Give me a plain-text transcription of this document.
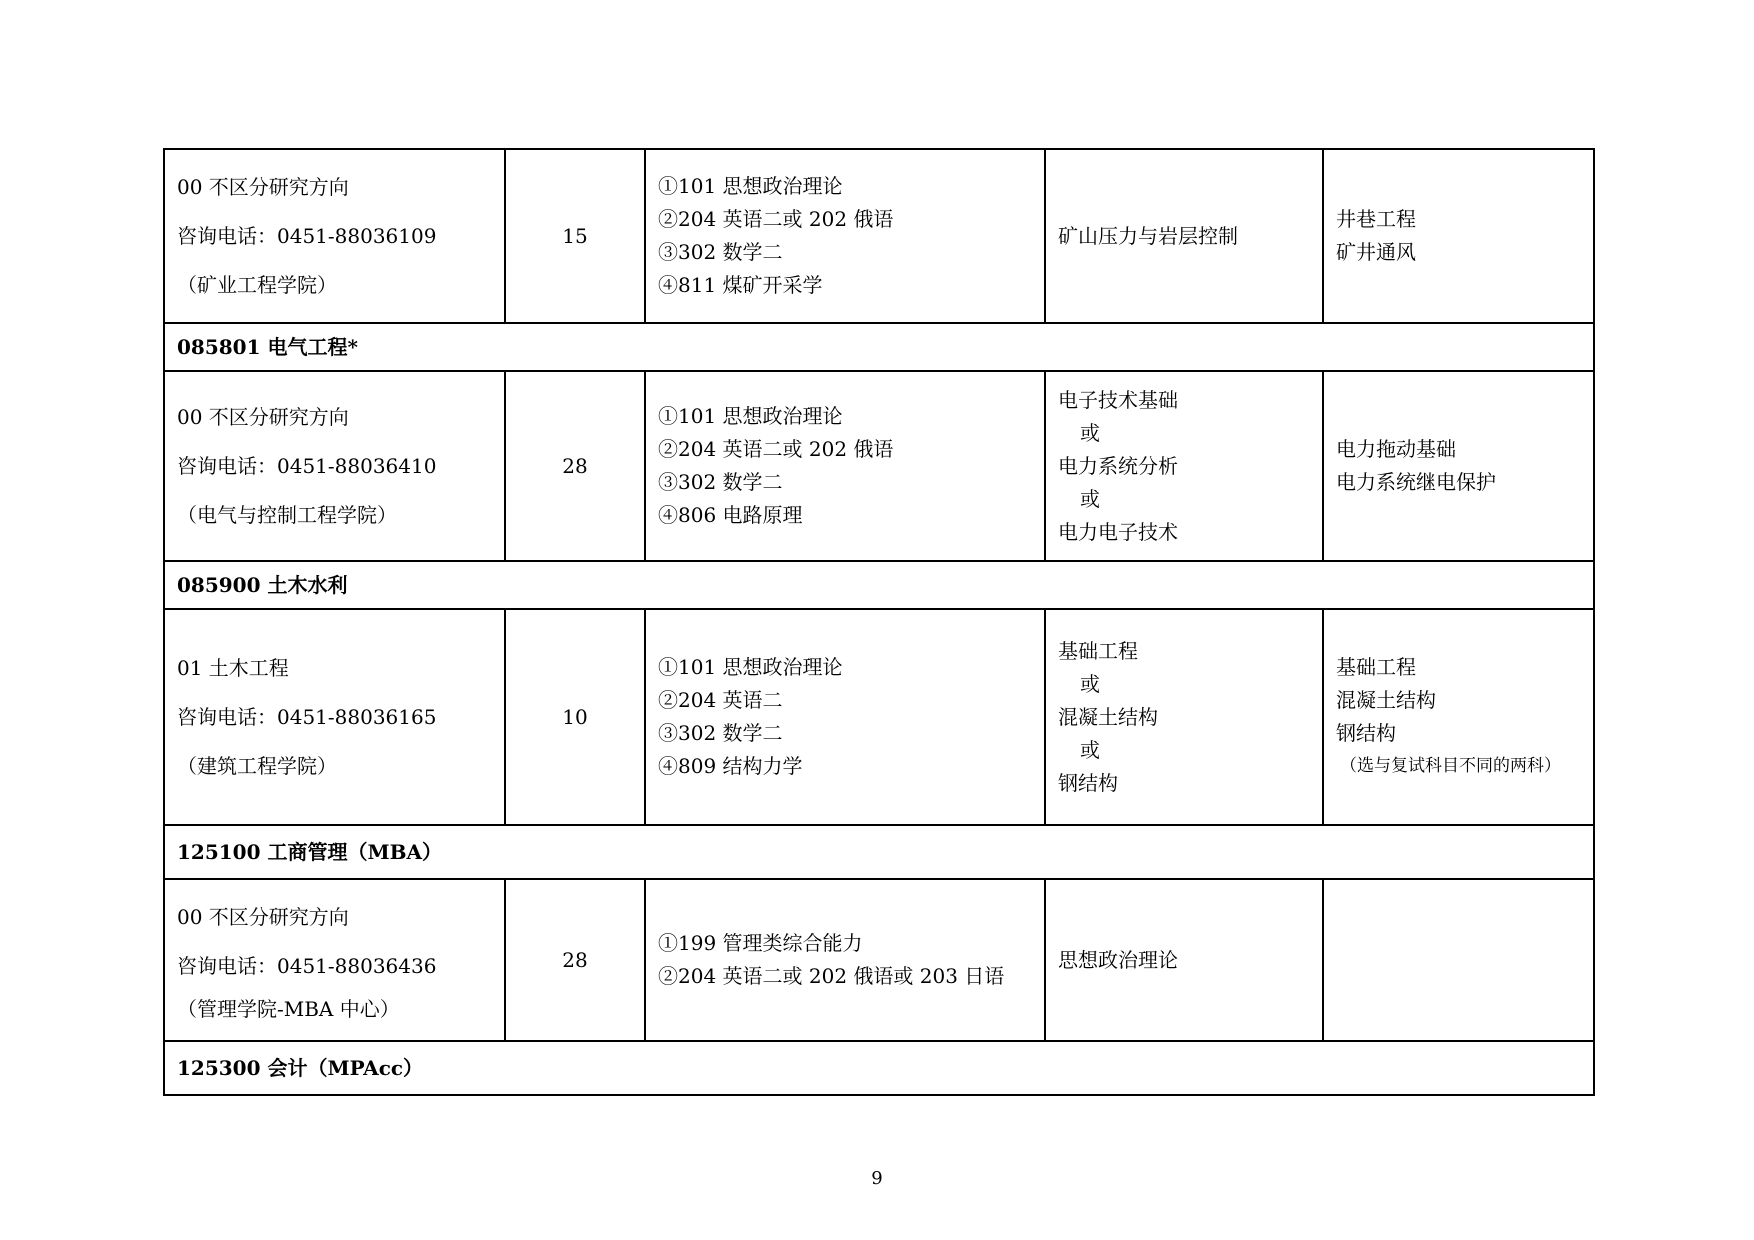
00 不区分研究方向
咨询电话：0451-88036109
（矿业工程学院）	15	①101 思想政治理论
②204 英语二或 202 俄语
③302 数学二
④811 煤矿开采学	矿山压力与岩层控制	井巷工程
矿井通风

085801 电气工程*				

00 不区分研究方向
咨询电话：0451-88036410
（电气与控制工程学院）	28	①101 思想政治理论
②204 英语二或 202 俄语
③302 数学二
④806 电路原理	电子技术基础
或
电力系统分析
或
电力电子技术	电力拖动基础
电力系统继电保护

085900 土木水利				

01 土木工程
咨询电话：0451-88036165
（建筑工程学院）	10	①101 思想政治理论
②204 英语二
③302 数学二
④809 结构力学	基础工程
或
混凝土结构
或
钢结构	基础工程
混凝土结构
钢结构
（选与复试科目不同的两科）

125100 工商管理（MBA）				

00 不区分研究方向
咨询电话：0451-88036436
（管理学院-MBA 中心）	28	①199 管理类综合能力
②204 英语二或 202 俄语或 203 日语	思想政治理论	

125300 会计（MPAcc）				
9
